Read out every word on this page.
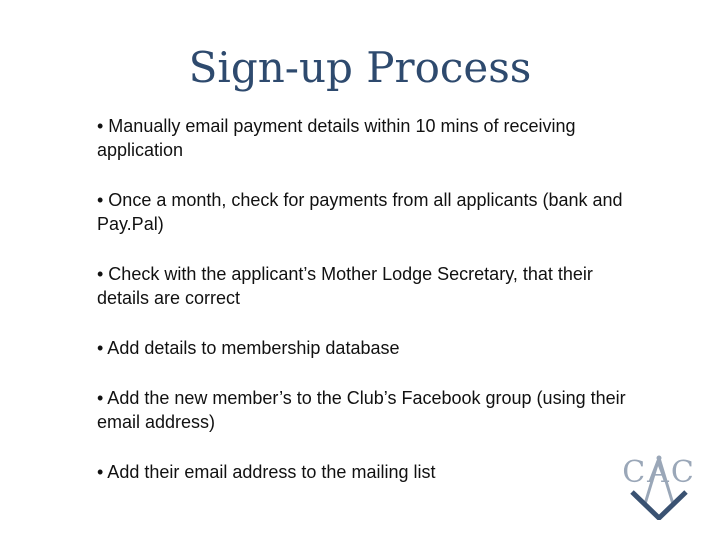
Sign-up Process
• Manually email payment details within 10 mins of receiving application
• Once a month, check for payments from all applicants (bank and Pay.Pal)
• Check with the applicant’s Mother Lodge Secretary, that their details are correct
• Add details to membership database
• Add the new member’s to the Club’s Facebook group (using their email address)
• Add their email address to the mailing list	CAC
